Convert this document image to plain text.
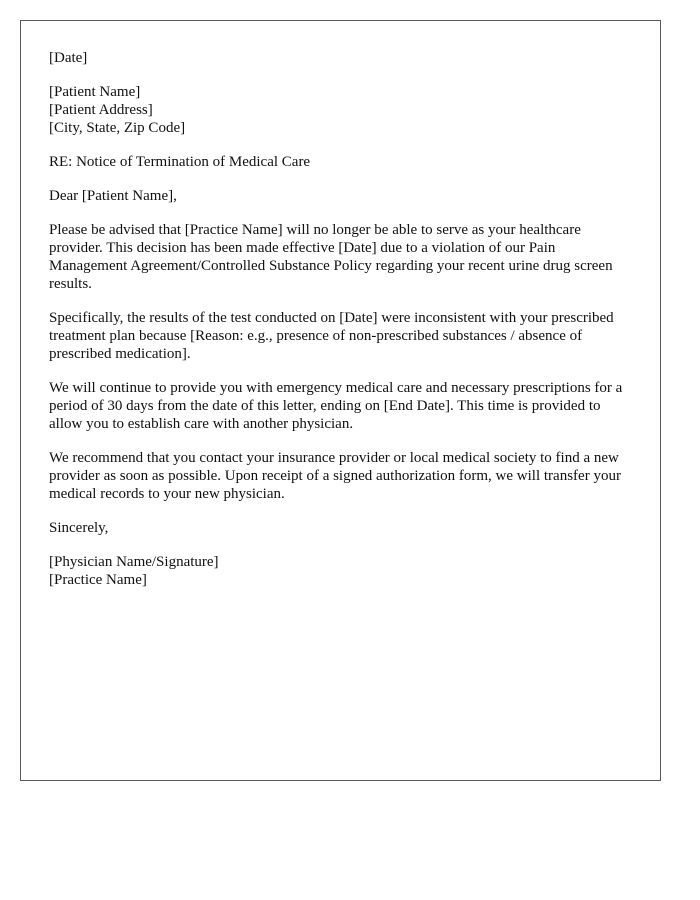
[Date]

[Patient Name]
[Patient Address]
[City, State, Zip Code]

RE: Notice of Termination of Medical Care

Dear [Patient Name],

Please be advised that [Practice Name] will no longer be able to serve as your healthcare provider. This decision has been made effective [Date] due to a violation of our Pain Management Agreement/Controlled Substance Policy regarding your recent urine drug screen results.

Specifically, the results of the test conducted on [Date] were inconsistent with your prescribed treatment plan because [Reason: e.g., presence of non-prescribed substances / absence of prescribed medication].

We will continue to provide you with emergency medical care and necessary prescriptions for a period of 30 days from the date of this letter, ending on [End Date]. This time is provided to allow you to establish care with another physician.

We recommend that you contact your insurance provider or local medical society to find a new provider as soon as possible. Upon receipt of a signed authorization form, we will transfer your medical records to your new physician.

Sincerely,

[Physician Name/Signature]
[Practice Name]
